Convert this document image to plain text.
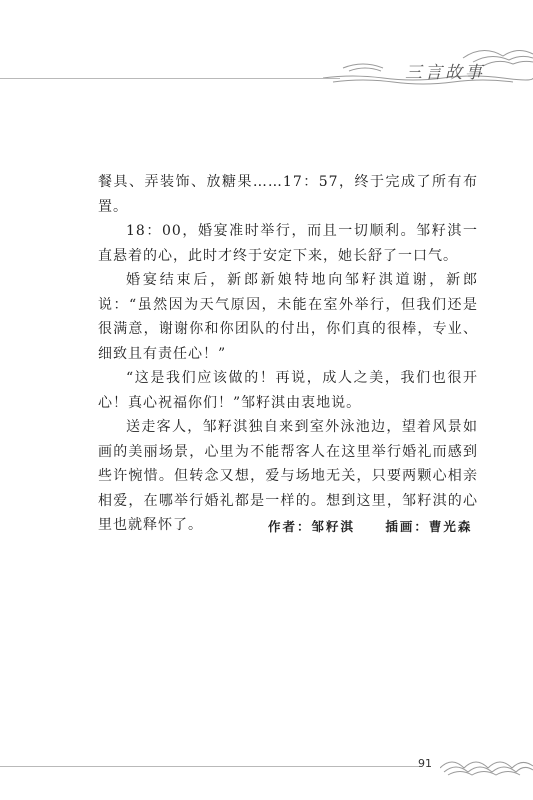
三言故事

餐具、弄装饰、放糖果……17：57，终于完成了所有布置。

18：00，婚宴准时举行，而且一切顺利。邹籽淇一直悬着的心，此时才终于安定下来，她长舒了一口气。

婚宴结束后，新郎新娘特地向邹籽淇道谢，新郎说：“虽然因为天气原因，未能在室外举行，但我们还是很满意，谢谢你和你团队的付出，你们真的很棒，专业、细致且有责任心！”

“这是我们应该做的！再说，成人之美，我们也很开心！真心祝福你们！”邹籽淇由衷地说。

送走客人，邹籽淇独自来到室外泳池边，望着风景如画的美丽场景，心里为不能帮客人在这里举行婚礼而感到些许惋惜。但转念又想，爱与场地无关，只要两颗心相亲相爱，在哪举行婚礼都是一样的。想到这里，邹籽淇的心里也就释怀了。	作者：邹籽淇 插画：曹光森
91
